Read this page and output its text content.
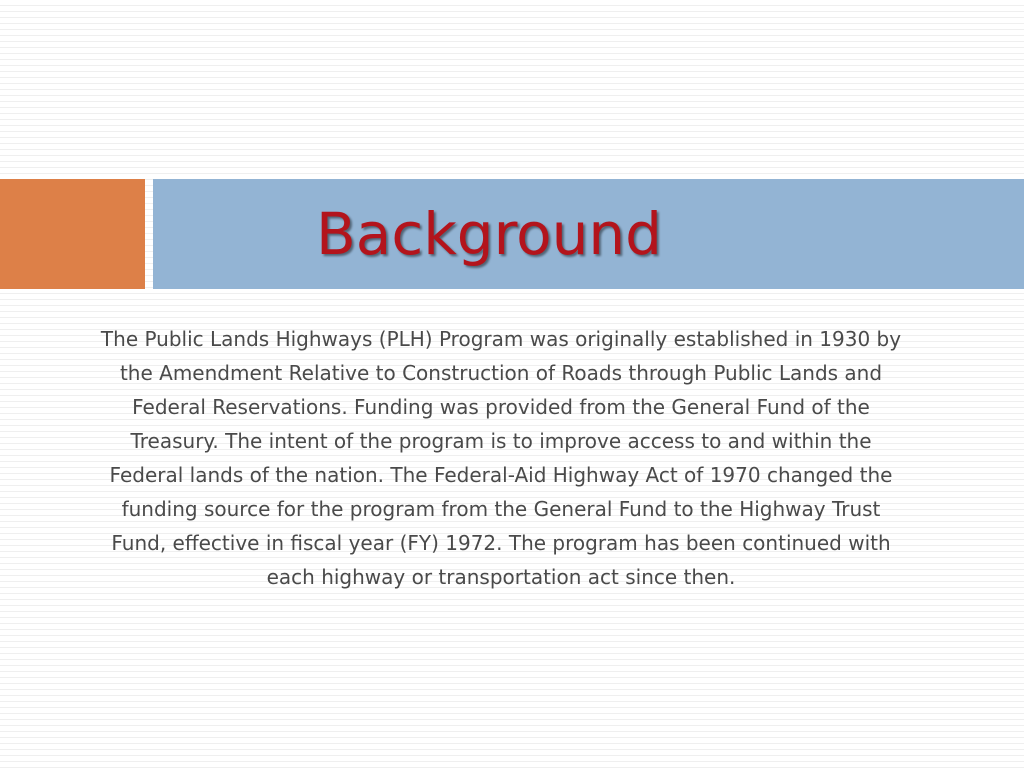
Background

The Public Lands Highways (PLH) Program was originally established in 1930 by the Amendment Relative to Construction of Roads through Public Lands and Federal Reservations. Funding was provided from the General Fund of the Treasury. The intent of the program is to improve access to and within the Federal lands of the nation. The Federal-Aid Highway Act of 1970 changed the funding source for the program from the General Fund to the Highway Trust Fund, effective in fiscal year (FY) 1972. The program has been continued with each highway or transportation act since then.
